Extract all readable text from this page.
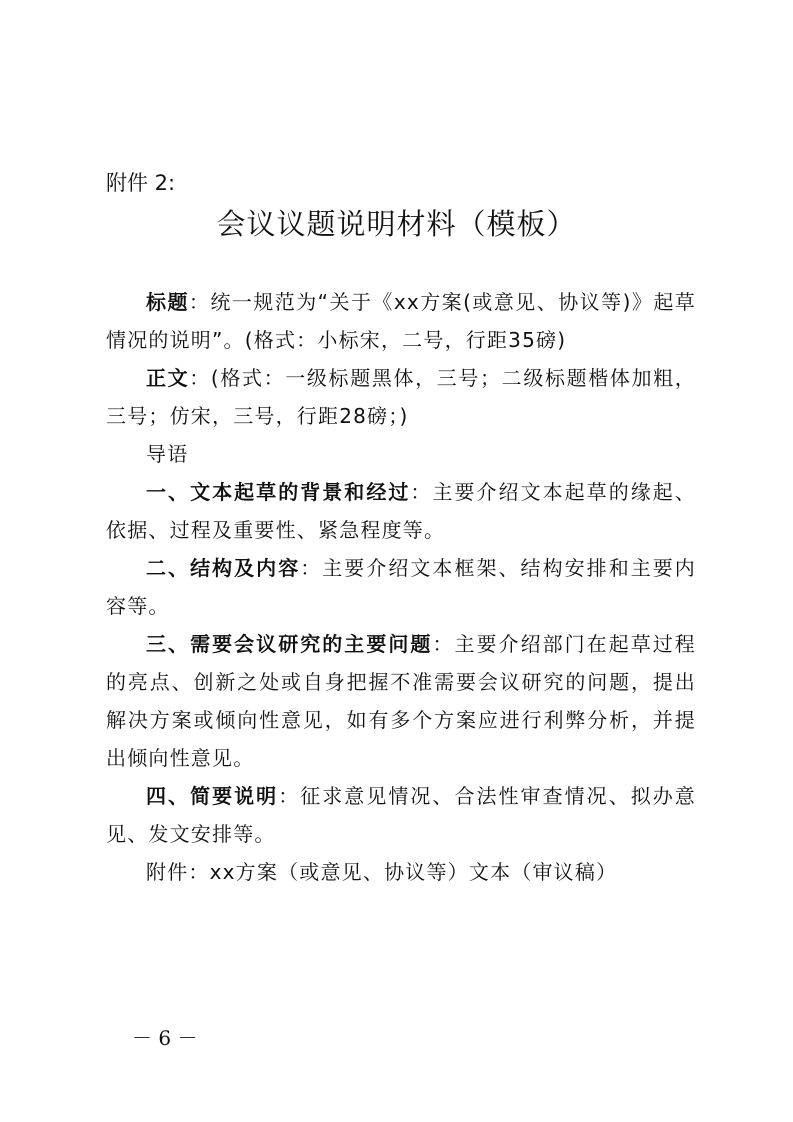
附件 2:
会议议题说明材料（模板）

标题：统一规范为“关于《xx方案(或意见、协议等)》起草情况的说明”。(格式：小标宋，二号，行距35磅)

正文：(格式：一级标题黑体，三号；二级标题楷体加粗，三号；仿宋，三号，行距28磅；)

导语

一、文本起草的背景和经过：主要介绍文本起草的缘起、依据、过程及重要性、紧急程度等。

二、结构及内容：主要介绍文本框架、结构安排和主要内容等。

三、需要会议研究的主要问题：主要介绍部门在起草过程的亮点、创新之处或自身把握不准需要会议研究的问题，提出解决方案或倾向性意见，如有多个方案应进行利弊分析，并提出倾向性意见。

四、简要说明：征求意见情况、合法性审查情况、拟办意见、发文安排等。

附件：xx方案（或意见、协议等）文本（审议稿）

－ 6 －
